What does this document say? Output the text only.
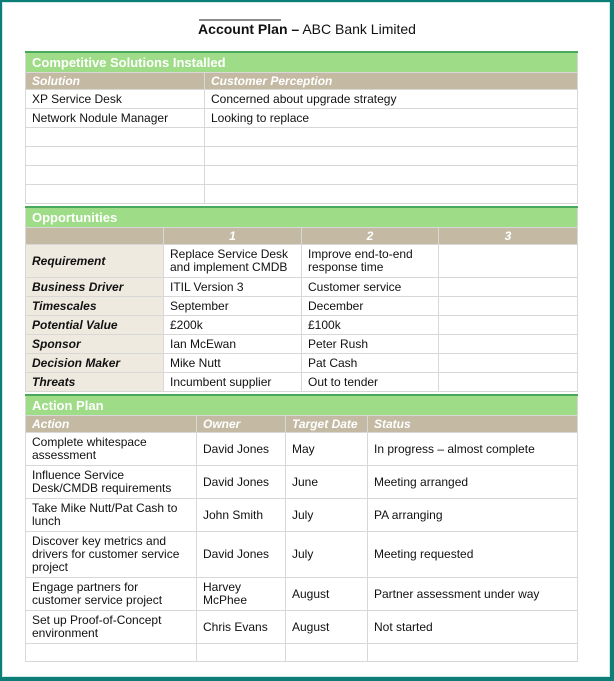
Account Plan – ABC Bank Limited
Competitive Solutions Installed	
Solution	Customer Perception
XP Service Desk	Concerned about upgrade strategy
Network Nodule Manager	Looking to replace

Opportunities			
	1	2	3
Requirement	Replace Service Desk and implement CMDB	Improve end-to-end response time	
Business Driver	ITIL Version 3	Customer service	
Timescales	September	December	
Potential Value	£200k	£100k	
Sponsor	Ian McEwan	Peter Rush	
Decision Maker	Mike Nutt	Pat Cash	
Threats	Incumbent supplier	Out to tender	
Action Plan			
Action	Owner	Target Date	Status
Complete whitespace assessment	David Jones	May	In progress – almost complete
Influence Service Desk/CMDB requirements	David Jones	June	Meeting arranged
Take Mike Nutt/Pat Cash to lunch	John Smith	July	PA arranging
Discover key metrics and drivers for customer service project	David Jones	July	Meeting requested
Engage partners for customer service project	Harvey McPhee	August	Partner assessment under way
Set up Proof-of-Concept environment	Chris Evans	August	Not started
